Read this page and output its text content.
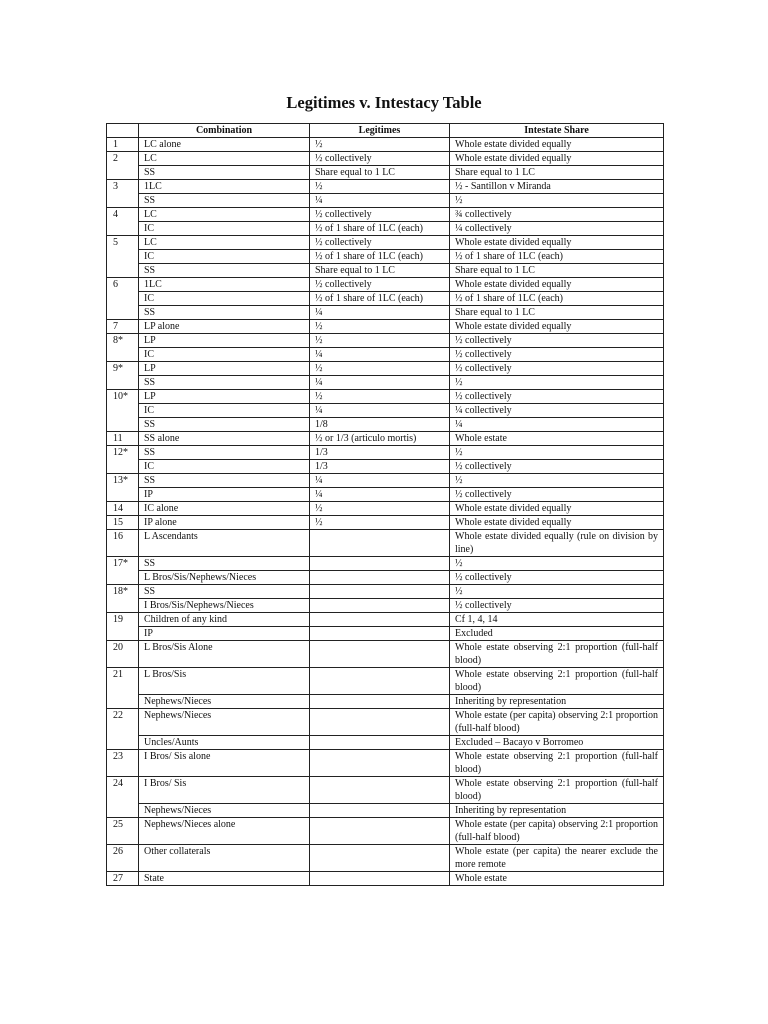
Legitimes v. Intestacy Table
	Combination	Legitimes	Intestate Share
1	LC alone	½	Whole estate divided equally
2	LC	½ collectively	Whole estate divided equally
	SS	Share equal to 1 LC	Share equal to 1 LC
3	1LC	½	½ - Santillon v Miranda
	SS	¼	½
4	LC	½ collectively	¾ collectively
	IC	½ of 1 share of 1LC (each)	¼ collectively
5	LC	½ collectively	Whole estate divided equally
	IC	½ of 1 share of 1LC (each)	½ of 1 share of 1LC (each)
	SS	Share equal to 1 LC	Share equal to 1 LC
6	1LC	½ collectively	Whole estate divided equally
	IC	½ of 1 share of 1LC (each)	½ of 1 share of 1LC (each)
	SS	¼	Share equal to 1 LC
7	LP alone	½	Whole estate divided equally
8*	LP	½	½ collectively
	IC	¼	½ collectively
9*	LP	½	½ collectively
	SS	¼	½
10*	LP	½	½ collectively
	IC	¼	¼ collectively
	SS	1/8	¼
11	SS alone	½ or 1/3 (articulo mortis)	Whole estate
12*	SS	1/3	½
	IC	1/3	½ collectively
13*	SS	¼	½
	IP	¼	½ collectively
14	IC alone	½	Whole estate divided equally
15	IP alone	½	Whole estate divided equally
16	L Ascendants		Whole estate divided equally (rule on division by line)
17*	SS		½
	L Bros/Sis/Nephews/Nieces		½ collectively
18*	SS		½
	I Bros/Sis/Nephews/Nieces		½ collectively
19	Children of any kind		Cf 1, 4, 14
	IP		Excluded
20	L Bros/Sis Alone		Whole estate observing 2:1 proportion (full-half blood)
21	L Bros/Sis		Whole estate observing 2:1 proportion (full-half blood)
	Nephews/Nieces		Inheriting by representation
22	Nephews/Nieces		Whole estate (per capita) observing 2:1 proportion (full-half blood)
	Uncles/Aunts		Excluded – Bacayo v Borromeo
23	I Bros/ Sis alone		Whole estate observing 2:1 proportion (full-half blood)
24	I Bros/ Sis		Whole estate observing 2:1 proportion (full-half blood)
	Nephews/Nieces		Inheriting by representation
25	Nephews/Nieces alone		Whole estate (per capita) observing 2:1 proportion (full-half blood)
26	Other collaterals		Whole estate (per capita) the nearer exclude the more remote
27	State		Whole estate
